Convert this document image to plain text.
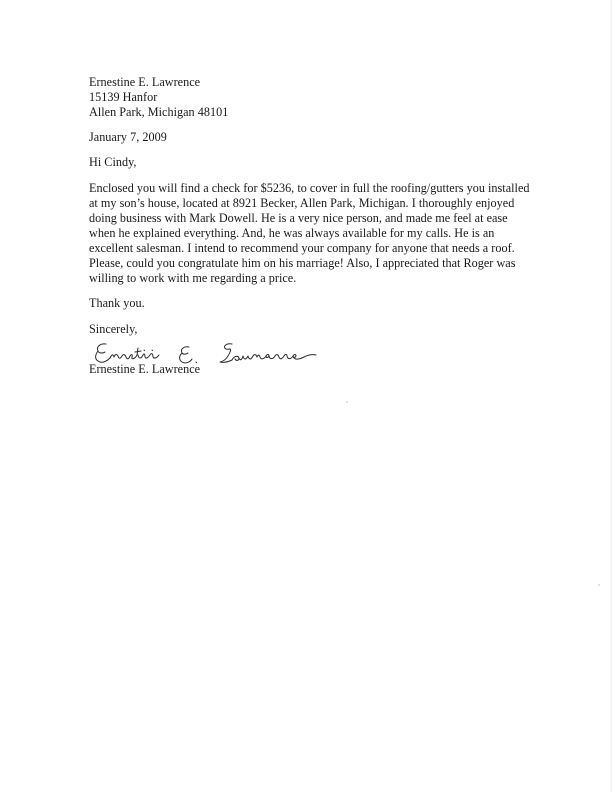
Ernestine E. Lawrence
15139 Hanfor
Allen Park, Michigan 48101
January 7, 2009
Hi Cindy,
Enclosed you will find a check for $5236, to cover in full the roofing/gutters you installed
at my son’s house, located at 8921 Becker, Allen Park, Michigan. I thoroughly enjoyed
doing business with Mark Dowell. He is a very nice person, and made me feel at ease
when he explained everything. And, he was always available for my calls. He is an
excellent salesman. I intend to recommend your company for anyone that needs a roof.
Please, could you congratulate him on his marriage! Also, I appreciated that Roger was
willing to work with me regarding a price.
Thank you.
Sincerely,
Ernestine E. Lawrence
